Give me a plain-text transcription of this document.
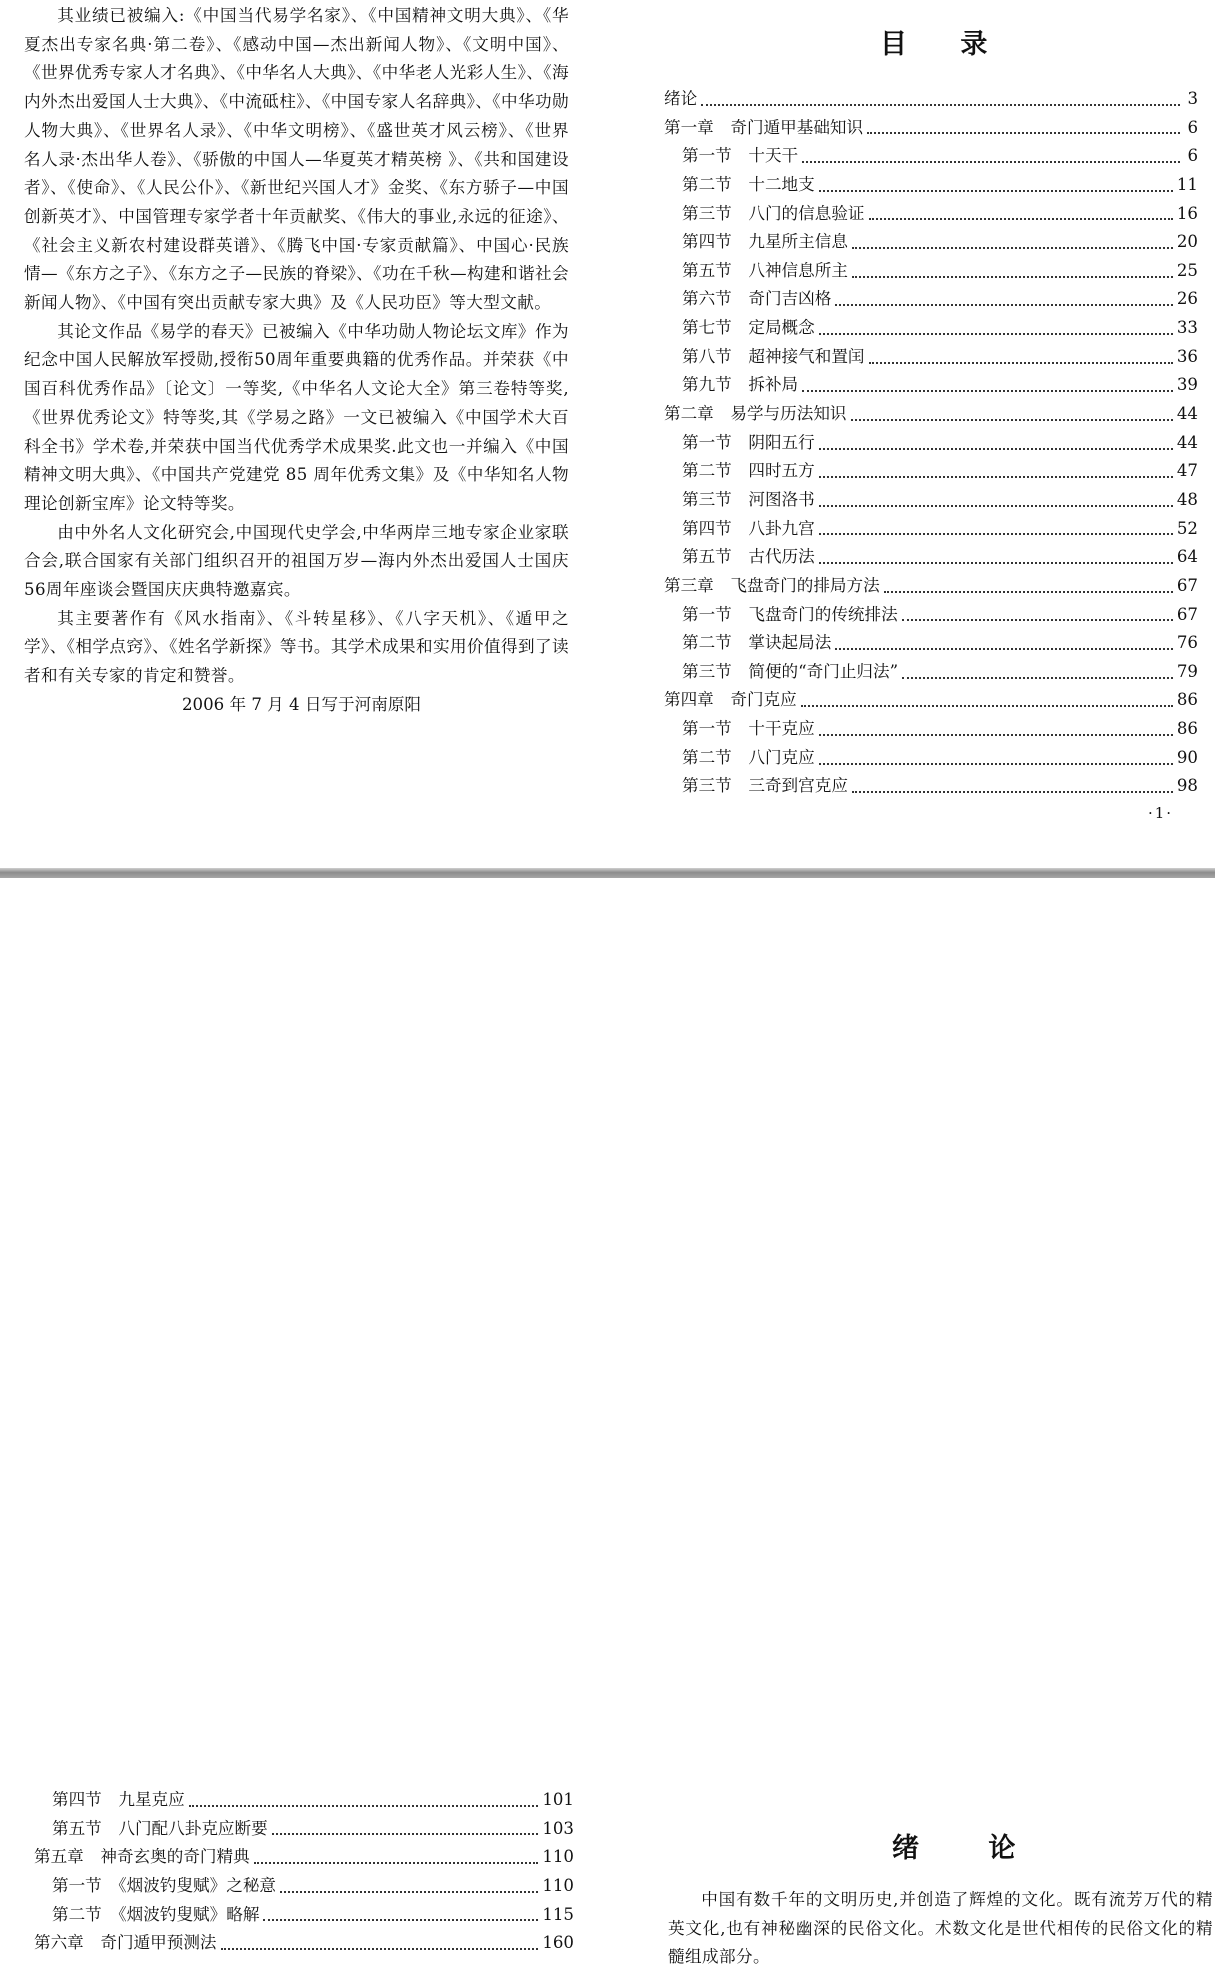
其业绩已被编入:《中国当代易学名家》、《中国精神文明大典》、《华夏杰出专家名典·第二卷》、《感动中国—杰出新闻人物》、《文明中国》、《世界优秀专家人才名典》、《中华名人大典》、《中华老人光彩人生》、《海内外杰出爱国人士大典》、《中流砥柱》、《中国专家人名辞典》、《中华功勋人物大典》、《世界名人录》、《中华文明榜》、《盛世英才风云榜》、《世界名人录·杰出华人卷》、《骄傲的中国人—华夏英才精英榜 》、《共和国建设者》、《使命》、《人民公仆》、《新世纪兴国人才》金奖、《东方骄子—中国创新英才》、中国管理专家学者十年贡献奖、《伟大的事业,永远的征途》、《社会主义新农村建设群英谱》、《腾飞中国·专家贡献篇》、中国心·民族情—《东方之子》、《东方之子—民族的脊梁》、《功在千秋—构建和谐社会新闻人物》、《中国有突出贡献专家大典》及《人民功臣》等大型文献。

其论文作品《易学的春天》已被编入《中华功勋人物论坛文库》作为纪念中国人民解放军授勋,授衔50周年重要典籍的优秀作品。并荣获《中国百科优秀作品》〔论文〕一等奖,《中华名人文论大全》第三卷特等奖,《世界优秀论文》特等奖,其《学易之路》一文已被编入《中国学术大百科全书》学术卷,并荣获中国当代优秀学术成果奖.此文也一并编入《中国精神文明大典》、《中国共产党建党 85 周年优秀文集》及《中华知名人物理论创新宝库》论文特等奖。

由中外名人文化研究会,中国现代史学会,中华两岸三地专家企业家联合会,联合国家有关部门组织召开的祖国万岁—海内外杰出爱国人士国庆56周年座谈会暨国庆庆典特邀嘉宾。

其主要著作有《风水指南》、《斗转星移》、《八字天机》、《遁甲之学》、《相学点窍》、《姓名学新探》等书。其学术成果和实用价值得到了读者和有关专家的肯定和赞誉。

2006 年 7 月 4 日写于河南原阳

目 录
绪论	3
第一章　奇门遁甲基础知识	6
第一节　十天干	6
第二节　十二地支	11
第三节　八门的信息验证	16
第四节　九星所主信息	20
第五节　八神信息所主	25
第六节　奇门吉凶格	26
第七节　定局概念	33
第八节　超神接气和置闰	36
第九节　拆补局	39
第二章　易学与历法知识	44
第一节　阴阳五行	44
第二节　四时五方	47
第三节　河图洛书	48
第四节　八卦九宫	52
第五节　古代历法	64
第三章　飞盘奇门的排局方法	67
第一节　飞盘奇门的传统排法	67
第二节　掌诀起局法	76
第三节　简便的“奇门止归法”	79
第四章　奇门克应	86
第一节　十干克应	86
第二节　八门克应	90
第三节　三奇到宫克应	98
·1·
第四节　九星克应	101
第五节　八门配八卦克应断要	103
第五章　神奇玄奥的奇门精典	110
第一节　《烟波钓叟赋》之秘意	110
第二节　《烟波钓叟赋》略解	115
第六章　奇门遁甲预测法	160
绪 论

中国有数千年的文明历史,并创造了辉煌的文化。既有流芳万代的精英文化,也有神秘幽深的民俗文化。术数文化是世代相传的民俗文化的精髓组成部分。
